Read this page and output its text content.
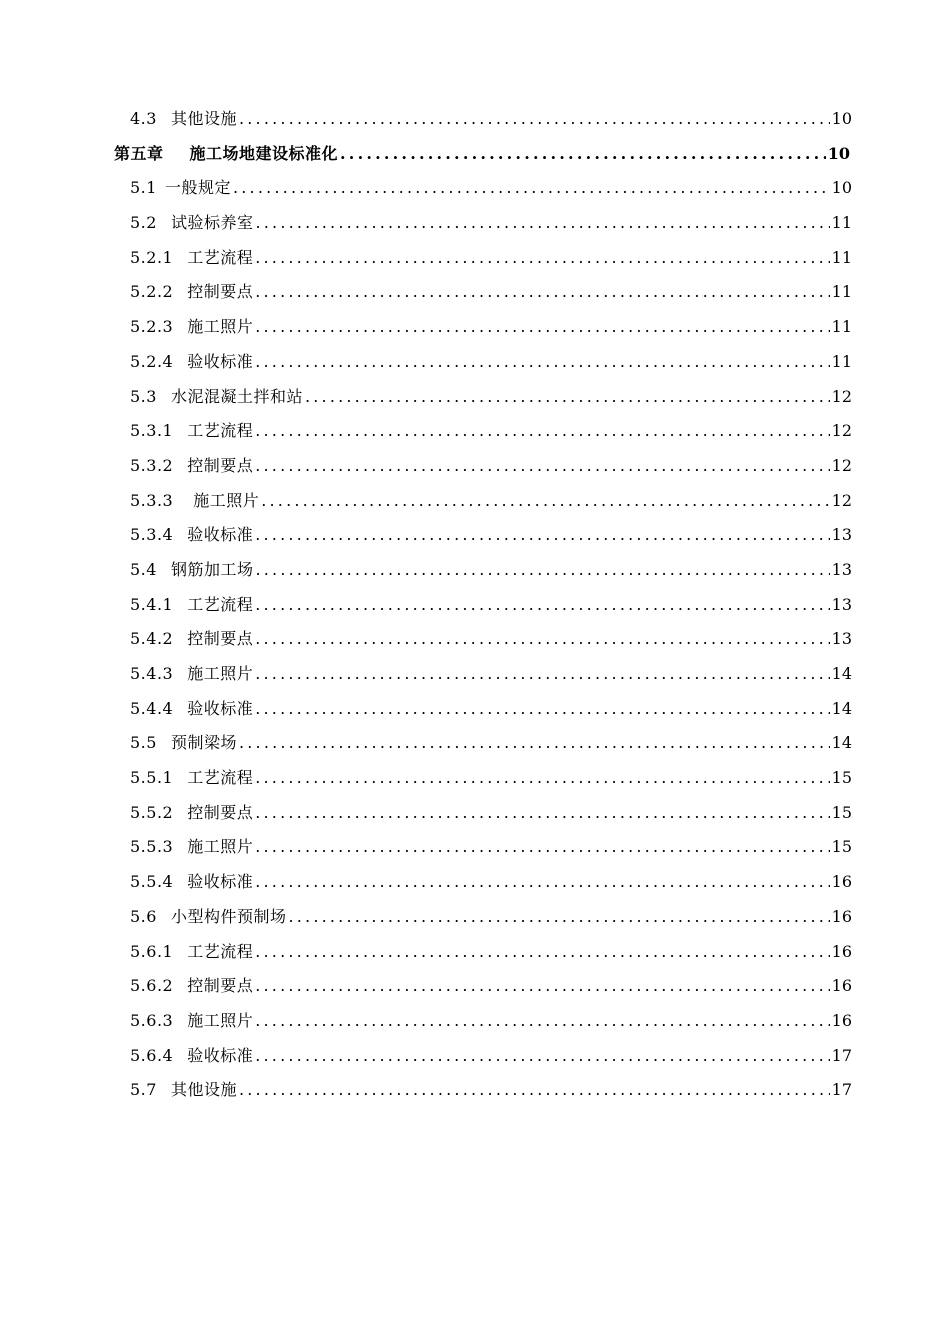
4.3 其他设施 .....	10
第五章 施工场地建设标准化 .....	10
5.1 一般规定 .....	10
5.2 试验标养室 .....	11
5.2.1 工艺流程 .....	11
5.2.2 控制要点 .....	11
5.2.3 施工照片 .....	11
5.2.4 验收标准 .....	11
5.3 水泥混凝土拌和站 .....	12
5.3.1 工艺流程 .....	12
5.3.2 控制要点 .....	12
5.3.3 施工照片 .....	12
5.3.4 验收标准 .....	13
5.4 钢筋加工场 .....	13
5.4.1 工艺流程 .....	13
5.4.2 控制要点 .....	13
5.4.3 施工照片 .....	14
5.4.4 验收标准 .....	14
5.5 预制梁场 .....	14
5.5.1 工艺流程 .....	15
5.5.2 控制要点 .....	15
5.5.3 施工照片 .....	15
5.5.4 验收标准 .....	16
5.6 小型构件预制场 .....	16
5.6.1 工艺流程 .....	16
5.6.2 控制要点 .....	16
5.6.3 施工照片 .....	16
5.6.4 验收标准 .....	17
5.7 其他设施 .....	17
